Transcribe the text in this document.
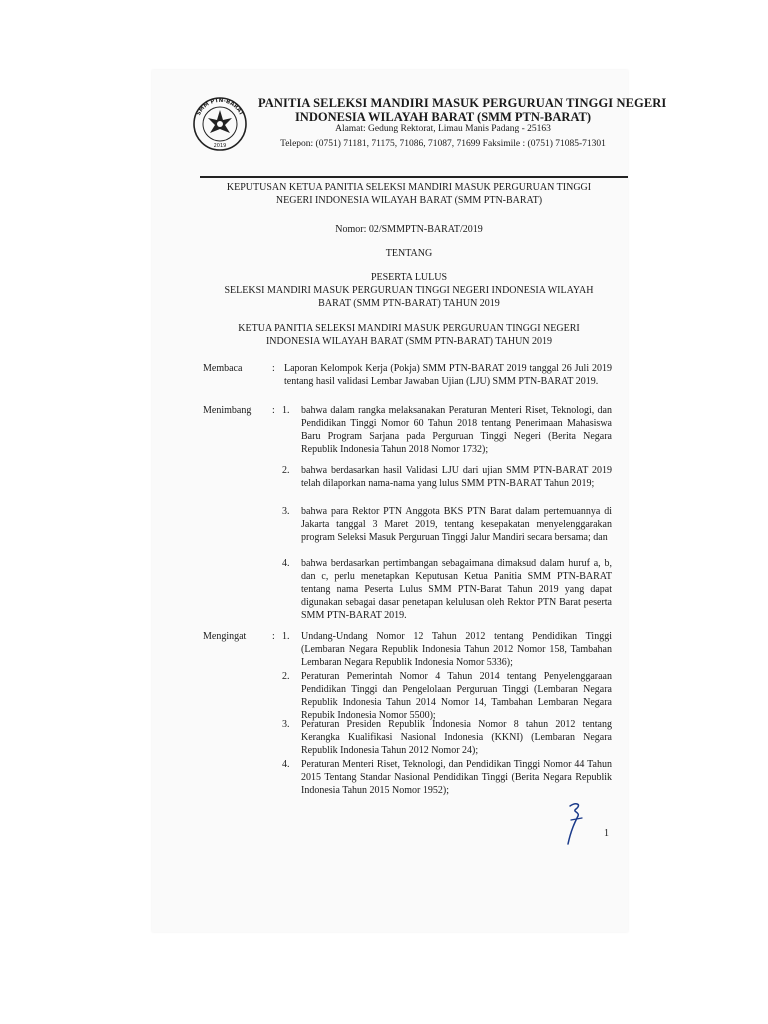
SMM PTN-BARAT
2019
PANITIA SELEKSI MANDIRI MASUK PERGURUAN TINGGI NEGERI
INDONESIA WILAYAH BARAT (SMM PTN-BARAT)
Alamat: Gedung Rektorat, Limau Manis Padang - 25163
Telepon: (0751) 71181, 71175, 71086, 71087, 71699 Faksimile : (0751) 71085-71301
KEPUTUSAN KETUA PANITIA SELEKSI MANDIRI MASUK PERGURUAN TINGGI
NEGERI INDONESIA WILAYAH BARAT (SMM PTN-BARAT)
Nomor: 02/SMMPTN-BARAT/2019
TENTANG
PESERTA LULUS
SELEKSI MANDIRI MASUK PERGURUAN TINGGI NEGERI INDONESIA WILAYAH
BARAT (SMM PTN-BARAT) TAHUN 2019
KETUA PANITIA SELEKSI MANDIRI MASUK PERGURUAN TINGGI NEGERI
INDONESIA WILAYAH BARAT (SMM PTN-BARAT) TAHUN 2019
Membaca	: Laporan Kelompok Kerja (Pokja) SMM PTN-BARAT 2019 tanggal 26 Juli 2019 tentang hasil validasi Lembar Jawaban Ujian (LJU) SMM PTN-BARAT 2019.
Menimbang : 1. bahwa dalam rangka melaksanakan Peraturan Menteri Riset, Teknologi, dan Pendidikan Tinggi Nomor 60 Tahun 2018 tentang Penerimaan Mahasiswa Baru Program Sarjana pada Perguruan Tinggi Negeri (Berita Negara Republik Indonesia Tahun 2018 Nomor 1732);
2. bahwa berdasarkan hasil Validasi LJU dari ujian SMM PTN-BARAT 2019 telah dilaporkan nama-nama yang lulus SMM PTN-BARAT Tahun 2019;
3. bahwa para Rektor PTN Anggota BKS PTN Barat dalam pertemuannya di Jakarta tanggal 3 Maret 2019, tentang kesepakatan menyelenggarakan program Seleksi Masuk Perguruan Tinggi Jalur Mandiri secara bersama; dan
4. bahwa berdasarkan pertimbangan sebagaimana dimaksud dalam huruf a, b, dan c, perlu menetapkan Keputusan Ketua Panitia SMM PTN-BARAT tentang nama Peserta Lulus SMM PTN-Barat Tahun 2019 yang dapat digunakan sebagai dasar penetapan kelulusan oleh Rektor PTN Barat peserta SMM PTN-BARAT 2019.
Mengingat	: 1. Undang-Undang Nomor 12 Tahun 2012 tentang Pendidikan Tinggi (Lembaran Negara Republik Indonesia Tahun 2012 Nomor 158, Tambahan Lembaran Negara Republik Indonesia Nomor 5336);
2. Peraturan Pemerintah Nomor 4 Tahun 2014 tentang Penyelenggaraan Pendidikan Tinggi dan Pengelolaan Perguruan Tinggi (Lembaran Negara Republik Indonesia Tahun 2014 Nomor 14, Tambahan Lembaran Negara Repubik Indonesia Nomor 5500);
3. Peraturan Presiden Republik Indonesia Nomor 8 tahun 2012 tentang Kerangka Kualifikasi Nasional Indonesia (KKNI) (Lembaran Negara Republik Indonesia Tahun 2012 Nomor 24);
4. Peraturan Menteri Riset, Teknologi, dan Pendidikan Tinggi Nomor 44 Tahun 2015 Tentang Standar Nasional Pendidikan Tinggi (Berita Negara Republik Indonesia Tahun 2015 Nomor 1952);
1
